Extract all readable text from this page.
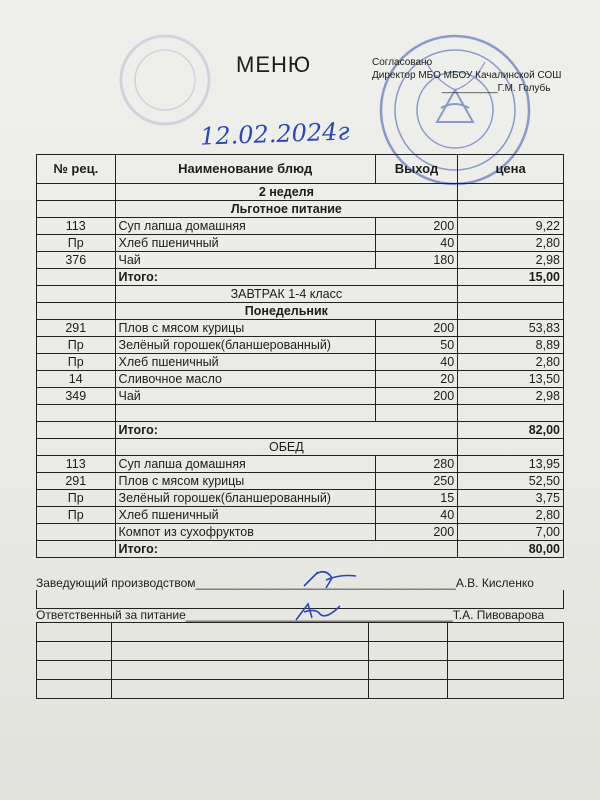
МЕНЮ	Согласовано
Директор МБО МБОУ Качалинской СОШ
__________Г.М. Голубь
12.02.2024г
№ рец.	Наименование блюд	Выход	цена
	2 неделя		
	Льготное питание		
113	Суп лапша домашняя	200	9,22
Пр	Хлеб пшеничный	40	2,80
376	Чай	180	2,98
	Итого:		15,00
	ЗАВТРАК 1-4 класс		
	Понедельник		
291	Плов с мясом курицы	200	53,83
Пр	Зелёный горошек(бланшерованный)	50	8,89
Пр	Хлеб пшеничный	40	2,80
14	Сливочное масло	20	13,50
349	Чай	200	2,98

	Итого:		82,00
	ОБЕД		
113	Суп лапша домашняя	280	13,95
291	Плов с мясом курицы	250	52,50
Пр	Зелёный горошек(бланшерованный)	15	3,75
Пр	Хлеб пшеничный	40	2,80
	Компот из сухофруктов	200	7,00
	Итого:		80,00
Заведующий производством_______________________________________А.В. Кисленко
Ответственный за питание________________________________________Т.А. Пивоварова
